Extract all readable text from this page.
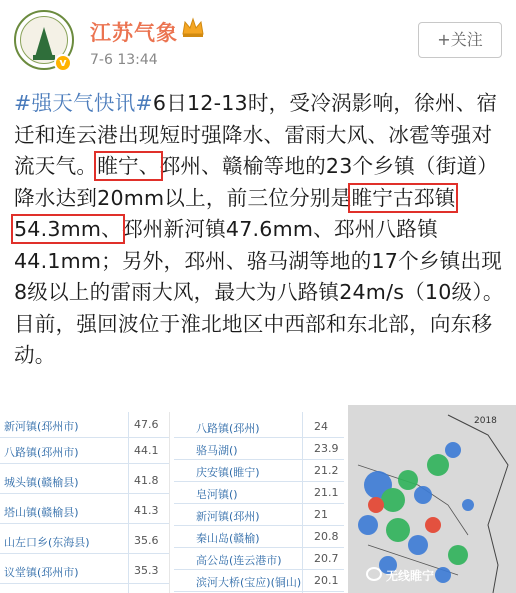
v
江苏气象
7-6 13:44
+关注
#强天气快讯#6日12-13时，受冷涡影响，徐州、宿迁和连云港出现短时强降水、雷雨大风、冰雹等强对流天气。睢宁、邳州、赣榆等地的23个乡镇（街道）降水达到20mm以上，前三位分别是睢宁古邳镇54.3mm、邳州新河镇47.6mm、邳州八路镇44.1mm；另外，邳州、骆马湖等地的17个乡镇出现8级以上的雷雨大风，最大为八路镇24m/s（10级）。目前，强回波位于淮北地区中西部和东北部，向东移动。
新河镇(邳州市)	47.6
八路镇(邳州市)	44.1
城头镇(赣榆县)	41.8
塔山镇(赣榆县)	41.3
山左口乡(东海县)	35.6
议堂镇(邳州市)	35.3
八路镇(邳州)	24
骆马湖()	23.9
庆安镇(睢宁)	21.2
皂河镇()	21.1
新河镇(邳州)	21
秦山岛(赣榆)	20.8
高公岛(连云港市)	20.7
滨河大桥(宝应)(铜山) 20.1
2018
无线睢宁
